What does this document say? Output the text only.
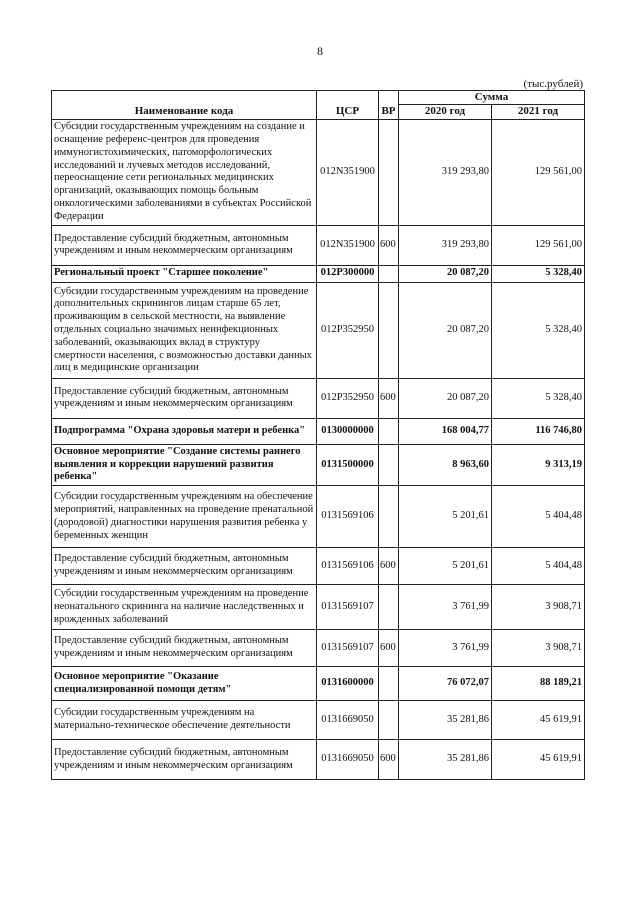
8
(тыс.рублей)
Наименование кода	ЦСР	ВР	Сумма	
			2020 год	2021 год
Субсидии государственным учреждениям на создание и оснащение референс-центров для проведения иммуногистохимических, патоморфологических исследований и лучевых методов исследований, переоснащение сети региональных медицинских организаций, оказывающих помощь больным онкологическими заболеваниями в субъектах Российской Федерации	012N351900		319 293,80	129 561,00
Предоставление субсидий бюджетным, автономным учреждениям и иным некоммерческим организациям	012N351900	600	319 293,80	129 561,00
Региональный проект "Старшее поколение"	012P300000		20 087,20	5 328,40
Субсидии государственным учреждениям на проведение дополнительных скринингов лицам старше 65 лет, проживающим в сельской местности, на выявление отдельных социально значимых неинфекционных заболеваний, оказывающих вклад в структуру смертности населения, с возможностью доставки данных лиц в медицинские организации	012P352950		20 087,20	5 328,40
Предоставление субсидий бюджетным, автономным учреждениям и иным некоммерческим организациям	012P352950	600	20 087,20	5 328,40
Подпрограмма "Охрана здоровья матери и ребенка"	0130000000		168 004,77	116 746,80
Основное мероприятие "Создание системы раннего выявления и коррекции нарушений развития ребенка"	0131500000		8 963,60	9 313,19
Субсидии государственным учреждениям на обеспечение мероприятий, направленных на проведение пренатальной (дородовой) диагностики нарушения развития ребенка у беременных женщин	0131569106		5 201,61	5 404,48
Предоставление субсидий бюджетным, автономным учреждениям и иным некоммерческим организациям	0131569106	600	5 201,61	5 404,48
Субсидии государственным учреждениям на проведение неонатального скрининга на наличие наследственных и врожденных заболеваний	0131569107		3 761,99	3 908,71
Предоставление субсидий бюджетным, автономным учреждениям и иным некоммерческим организациям	0131569107	600	3 761,99	3 908,71
Основное мероприятие "Оказание специализированной помощи детям"	0131600000		76 072,07	88 189,21
Субсидии государственным учреждениям на материально-техническое обеспечение деятельности	0131669050		35 281,86	45 619,91
Предоставление субсидий бюджетным, автономным учреждениям и иным некоммерческим организациям	0131669050	600	35 281,86	45 619,91
